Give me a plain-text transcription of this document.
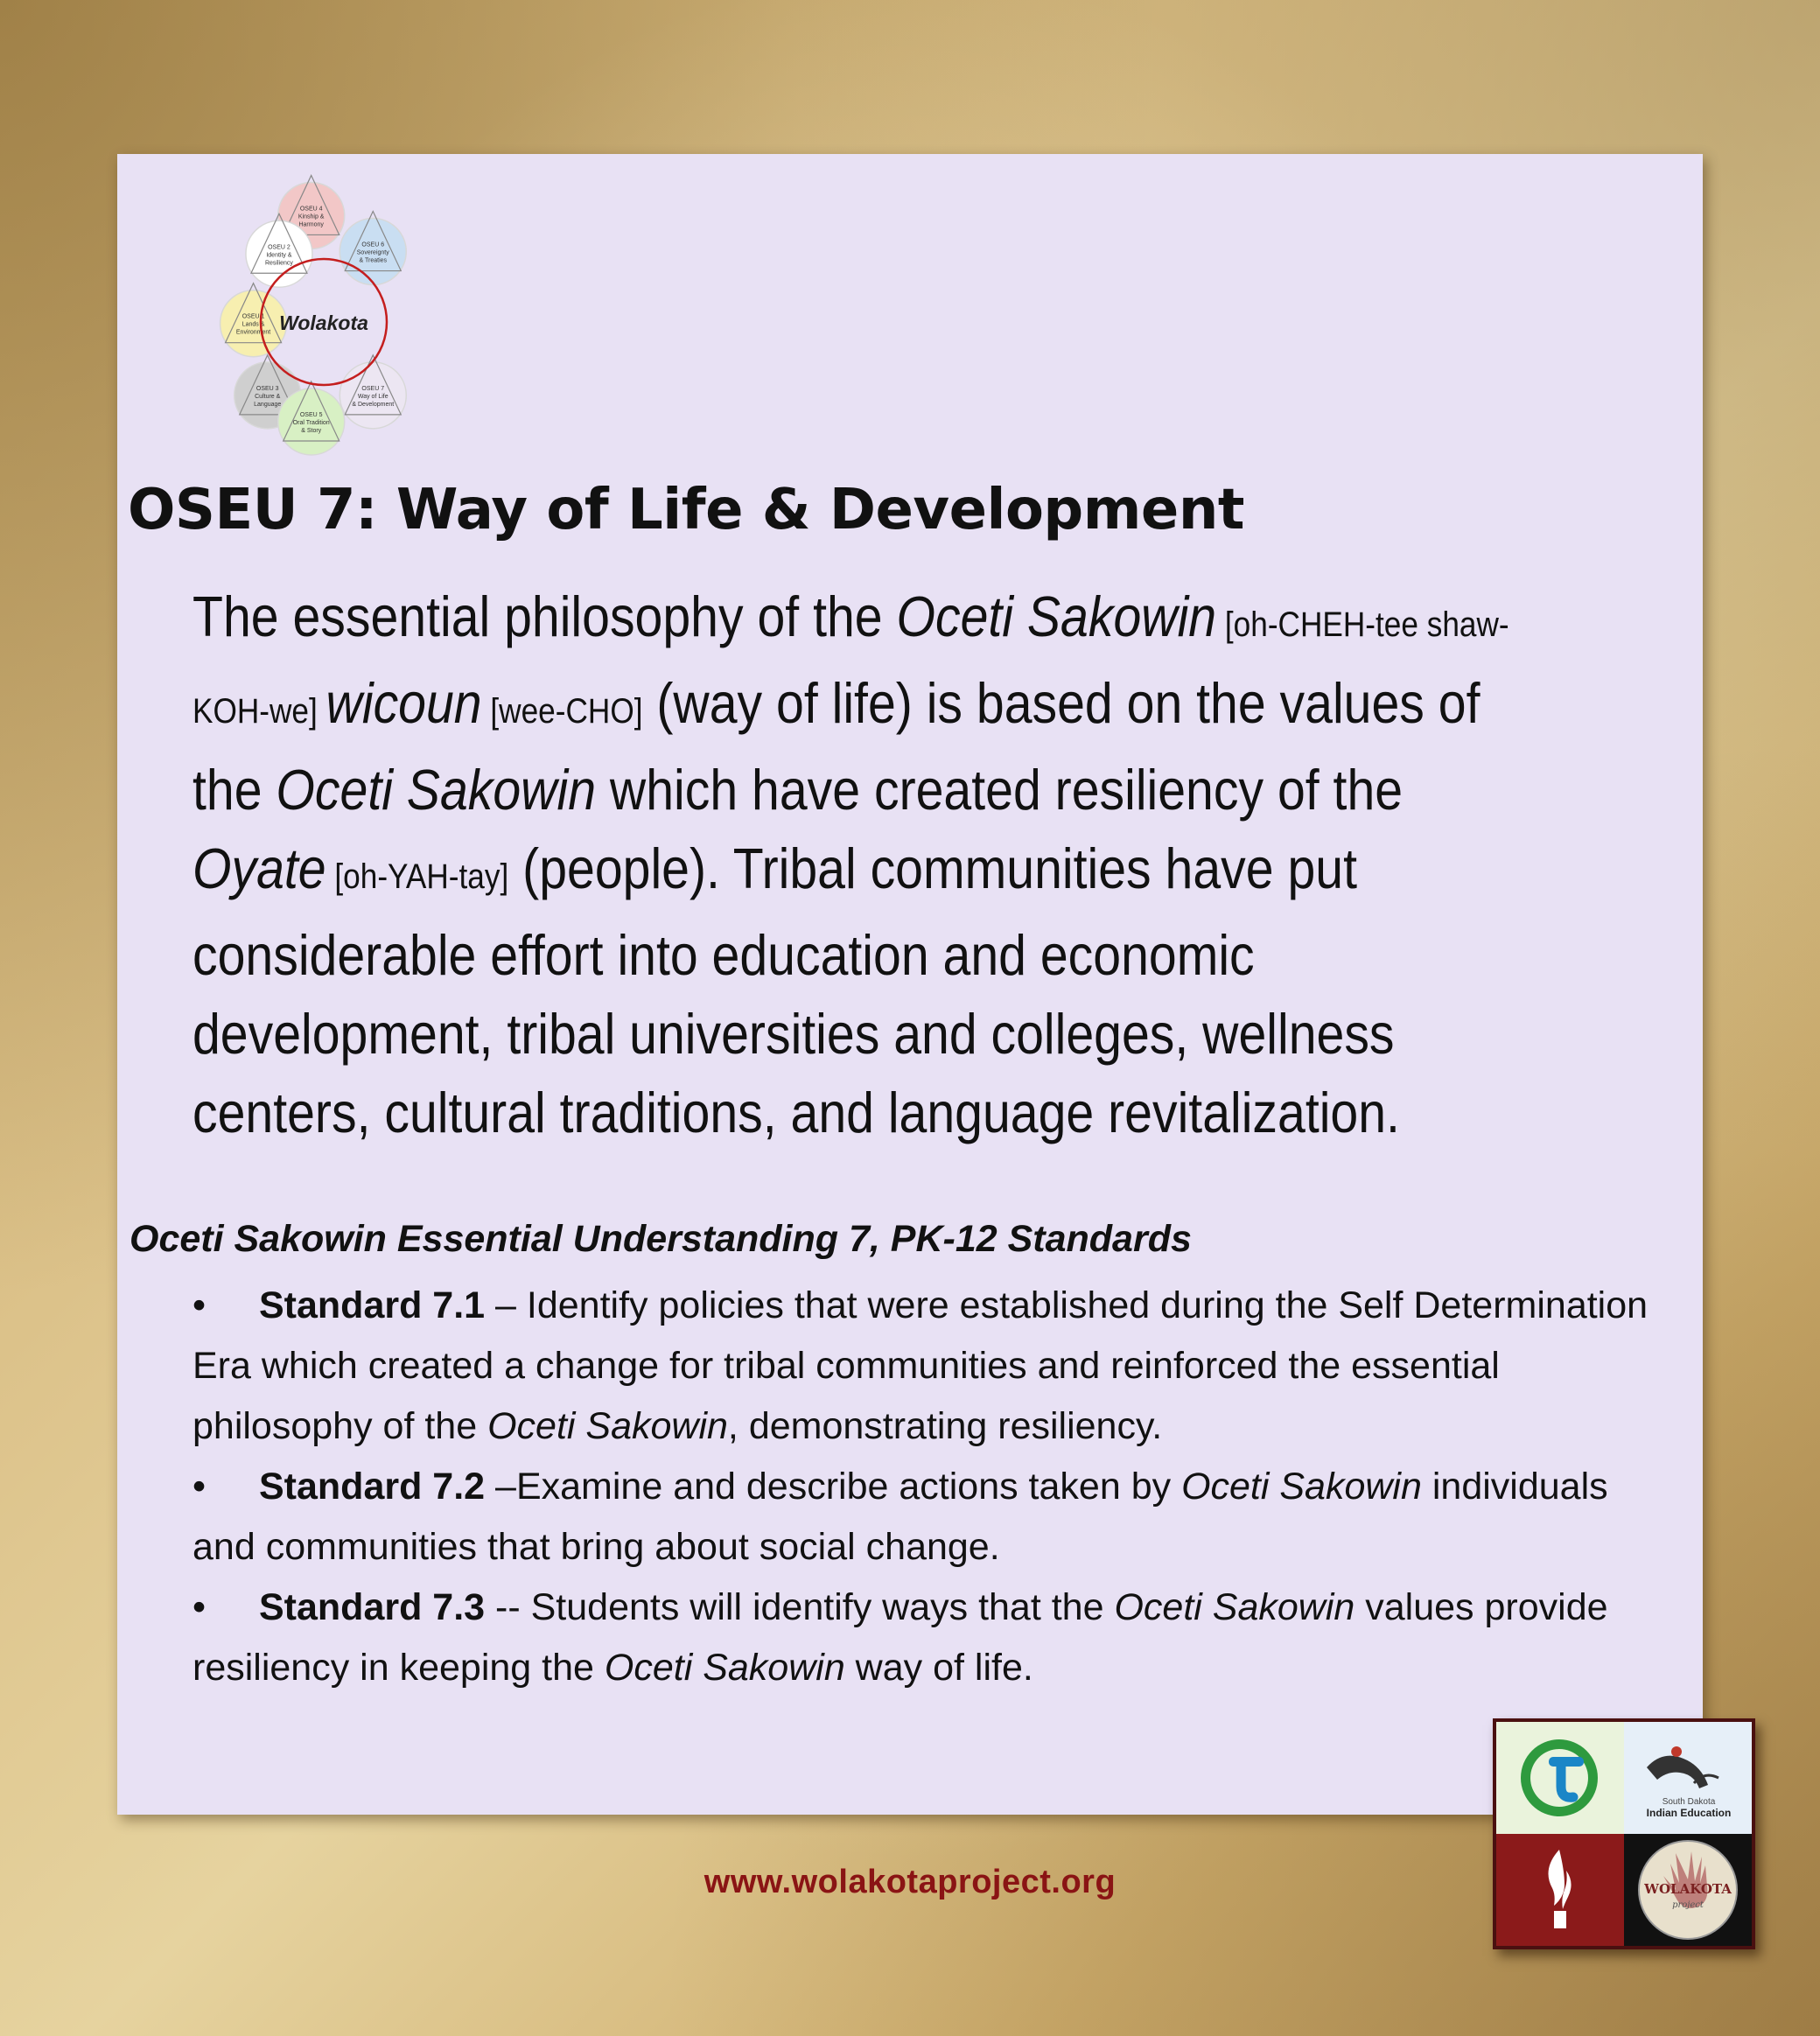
OSEU 4
Kinship &
Harmony
OSEU 2
Identity &
Resiliency
OSEU 6
Sovereignty
& Treaties
OSEU 1
Lands &
Environment
OSEU 3
Culture &
Language
OSEU 7
Way of Life
& Development
OSEU 5
Oral Tradition
& Story
Wolakota
OSEU 7: Way of Life & Development

The essential philosophy of the Oceti Sakowin [oh-CHEH-tee shaw-KOH-we] wicoun [wee-CHO] (way of life) is based on the values of the Oceti Sakowin which have created resiliency of the Oyate [oh-YAH-tay] (people). Tribal communities have put considerable effort into education and economic development, tribal universities and colleges, wellness centers, cultural traditions, and language revitalization.

Oceti Sakowin Essential Understanding 7, PK-12 Standards
• Standard 7.1 – Identify policies that were established during the Self Determination Era which created a change for tribal communities and reinforced the essential philosophy of the Oceti Sakowin, demonstrating resiliency.
• Standard 7.2 –Examine and describe actions taken by Oceti Sakowin individuals and communities that bring about social change.
• Standard 7.3 -- Students will identify ways that the Oceti Sakowin values provide resiliency in keeping the Oceti Sakowin way of life.
www.wolakotaproject.org
South Dakota
Indian Education
WOLAKOTA
project
